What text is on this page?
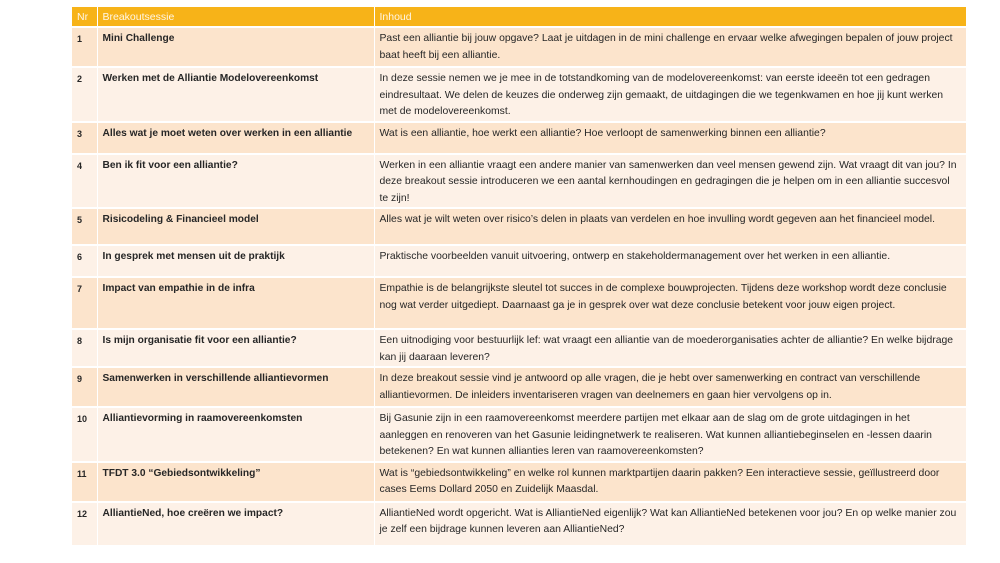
Nr	Breakoutsessie	Inhoud
1	Mini Challenge	Past een alliantie bij jouw opgave? Laat je uitdagen in de mini challenge en ervaar welke afwegingen bepalen of jouw project baat heeft bij een alliantie.
2	Werken met de Alliantie Modelovereenkomst	In deze sessie nemen we je mee in de totstandkoming van de modelovereenkomst: van eerste ideeën tot een gedragen eindresultaat. We delen de keuzes die onderweg zijn gemaakt, de uitdagingen die we tegenkwamen en hoe jij kunt werken met de modelovereenkomst.
3	Alles wat je moet weten over werken in een alliantie	Wat is een alliantie, hoe werkt een alliantie? Hoe verloopt de samenwerking binnen een alliantie?
4	Ben ik fit voor een alliantie?	Werken in een alliantie vraagt een andere manier van samenwerken dan veel mensen gewend zijn. Wat vraagt dit van jou? In deze breakout sessie introduceren we een aantal kernhoudingen en gedragingen die je helpen om in een alliantie succesvol te zijn!
5	Risicodeling & Financieel model	Alles wat je wilt weten over risico’s delen in plaats van verdelen en hoe invulling wordt gegeven aan het financieel model.
6	In gesprek met mensen uit de praktijk	Praktische voorbeelden vanuit uitvoering, ontwerp en stakeholdermanagement over het werken in een alliantie.
7	Impact van empathie in de infra	Empathie is de belangrijkste sleutel tot succes in de complexe bouwprojecten. Tijdens deze workshop wordt deze conclusie nog wat verder uitgediept. Daarnaast ga je in gesprek over wat deze conclusie betekent voor jouw eigen project.
8	Is mijn organisatie fit voor een alliantie?	Een uitnodiging voor bestuurlijk lef: wat vraagt een alliantie van de moederorganisaties achter de alliantie? En welke bijdrage kan jij daaraan leveren?
9	Samenwerken in verschillende alliantievormen	In deze breakout sessie vind je antwoord op alle vragen, die je hebt over samenwerking en contract van verschillende alliantievormen. De inleiders inventariseren vragen van deelnemers en gaan hier vervolgens op in.
10	Alliantievorming in raamovereenkomsten	Bij Gasunie zijn in een raamovereenkomst meerdere partijen met elkaar aan de slag om de grote uitdagingen in het aanleggen en renoveren van het Gasunie leidingnetwerk te realiseren. Wat kunnen alliantiebeginselen en -lessen daarin betekenen? En wat kunnen allianties leren van raamovereenkomsten?
11	TFDT 3.0 “Gebiedsontwikkeling”	Wat is “gebiedsontwikkeling” en welke rol kunnen marktpartijen daarin pakken? Een interactieve sessie, geïllustreerd door cases Eems Dollard 2050 en Zuidelijk Maasdal.
12	AlliantieNed, hoe creëren we impact?	AlliantieNed wordt opgericht. Wat is AlliantieNed eigenlijk? Wat kan AlliantieNed betekenen voor jou? En op welke manier zou je zelf een bijdrage kunnen leveren aan AlliantieNed?
